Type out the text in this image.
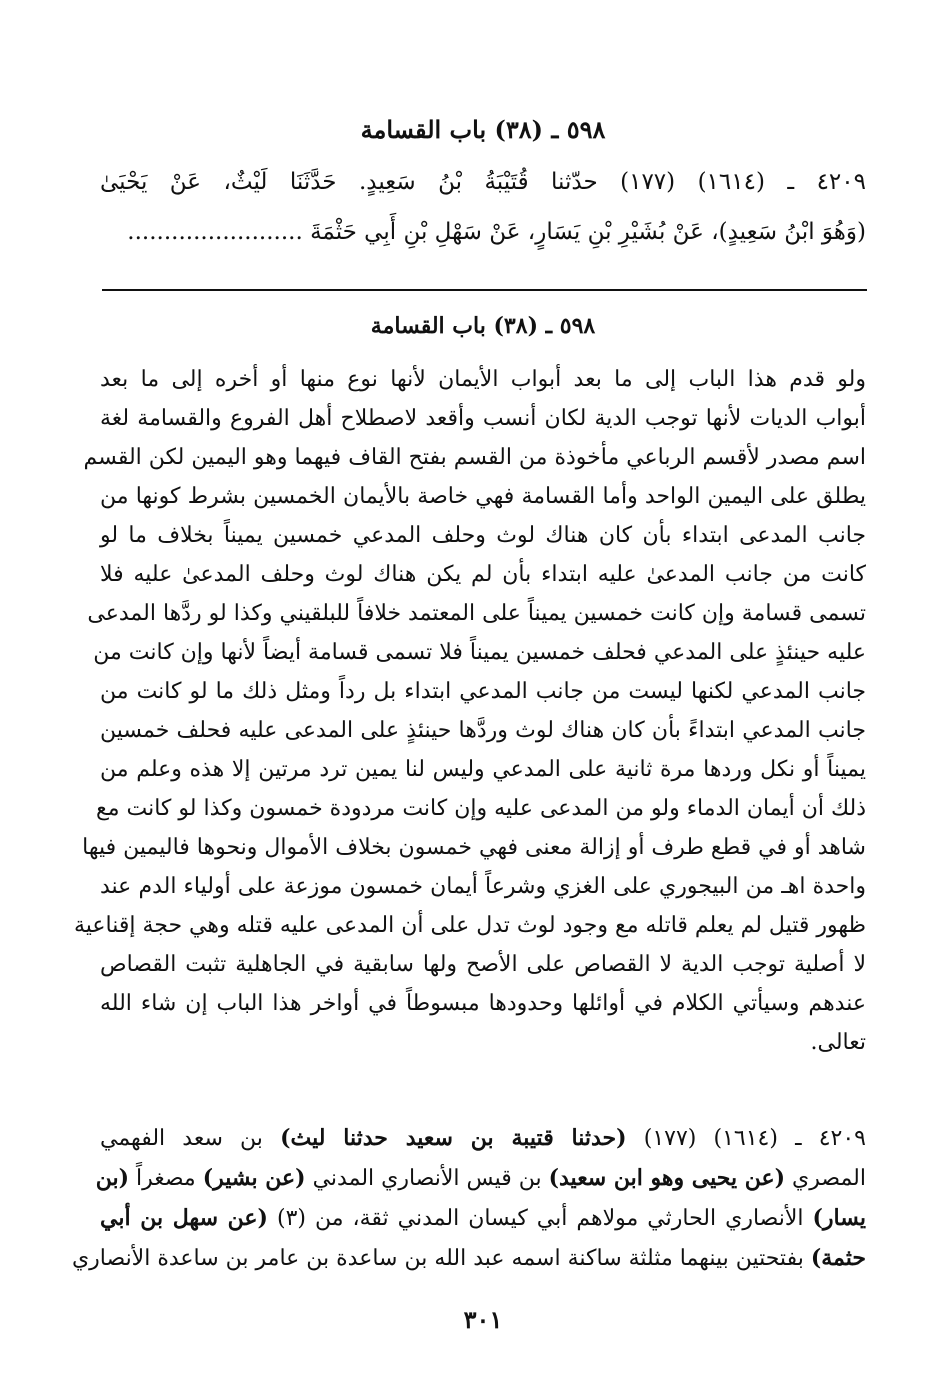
٥٩٨ ـ (٣٨) باب القسامة
٤٢٠٩ ـ (١٦١٤) (١٧٧) حدّثنا قُتَيْبَةُ بْنُ سَعِيدٍ. حَدَّثَنَا لَيْثٌ، عَنْ يَحْيَىٰ
(وَهُوَ ابْنُ سَعِيدٍ)، عَنْ بُشَيْرِ بْنِ يَسَارٍ، عَنْ سَهْلِ بْنِ أَبِي حَثْمَةَ ........................
٥٩٨ ـ (٣٨) باب القسامة
ولو قدم هذا الباب إلى ما بعد أبواب الأيمان لأنها نوع منها أو أخره إلى ما بعد
أبواب الديات لأنها توجب الدية لكان أنسب وأقعد لاصطلاح أهل الفروع والقسامة لغة
اسم مصدر لأقسم الرباعي مأخوذة من القسم بفتح القاف فيهما وهو اليمين لكن القسم
يطلق على اليمين الواحد وأما القسامة فهي خاصة بالأيمان الخمسين بشرط كونها من
جانب المدعى ابتداء بأن كان هناك لوث وحلف المدعي خمسين يميناً بخلاف ما لو
كانت من جانب المدعىٰ عليه ابتداء بأن لم يكن هناك لوث وحلف المدعىٰ عليه فلا
تسمى قسامة وإن كانت خمسين يميناً على المعتمد خلافاً للبلقيني وكذا لو ردَّها المدعى
عليه حينئذٍ على المدعي فحلف خمسين يميناً فلا تسمى قسامة أيضاً لأنها وإن كانت من
جانب المدعي لكنها ليست من جانب المدعي ابتداء بل رداً ومثل ذلك ما لو كانت من
جانب المدعي ابتداءً بأن كان هناك لوث وردَّها حينئذٍ على المدعى عليه فحلف خمسين
يميناً أو نكل وردها مرة ثانية على المدعي وليس لنا يمين ترد مرتين إلا هذه وعلم من
ذلك أن أيمان الدماء ولو من المدعى عليه وإن كانت مردودة خمسون وكذا لو كانت مع
شاهد أو في قطع طرف أو إزالة معنى فهي خمسون بخلاف الأموال ونحوها فاليمين فيها
واحدة اهـ من البيجوري على الغزي وشرعاً أيمان خمسون موزعة على أولياء الدم عند
ظهور قتيل لم يعلم قاتله مع وجود لوث تدل على أن المدعى عليه قتله وهي حجة إقناعية
لا أصلية توجب الدية لا القصاص على الأصح ولها سابقية في الجاهلية تثبت القصاص
عندهم وسيأتي الكلام في أوائلها وحدودها مبسوطاً في أواخر هذا الباب إن شاء الله
تعالى.
٤٢٠٩ ـ (١٦١٤) (١٧٧) (حدثنا قتيبة بن سعيد حدثنا ليث) بن سعد الفهمي
المصري (عن يحيى وهو ابن سعيد) بن قيس الأنصاري المدني (عن بشير) مصغراً (بن
يسار) الأنصاري الحارثي مولاهم أبي كيسان المدني ثقة، من (٣) (عن سهل بن أبي
حثمة) بفتحتين بينهما مثلثة ساكنة اسمه عبد الله بن ساعدة بن عامر بن ساعدة الأنصاري
٣٠١
